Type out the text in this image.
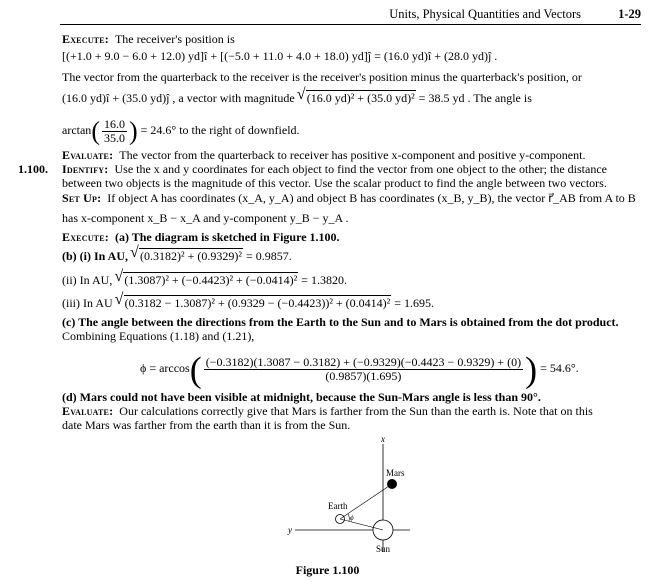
Units, Physical Quantities and Vectors	1-29
Execute: The receiver's position is
[(+1.0 + 9.0 − 6.0 + 12.0) yd]î + [(−5.0 + 11.0 + 4.0 + 18.0) yd]ĵ = (16.0 yd)î + (28.0 yd)ĵ .
The vector from the quarterback to the receiver is the receiver's position minus the quarterback's position, or
(16.0 yd)î + (35.0 yd)ĵ , a vector with magnitude √ (16.0 yd)² + (35.0 yd)² = 38.5 yd . The angle is
$\arctan( \frac{16.0}{35.0}$ ) = 24.6° to the right of downfield.
Evaluate: The vector from the quarterback to receiver has positive x-component and positive y-component.
1.100. Identify: Use the x and y coordinates for each object to find the vector from one object to the other; the distance
between two objects is the magnitude of this vector. Use the scalar product to find the angle between two vectors.
Set Up: If object A has coordinates (x_A, y_A) and object B has coordinates (x_B, y_B), the vector r⃗_AB from A to B
has x-component x_B − x_A and y-component y_B − y_A .
Execute: (a) The diagram is sketched in Figure 1.100.
(b) (i) In AU, √ (0.3182)² + (0.9329)² = 0.9857.
(ii) In AU, √ (1.3087)² + (−0.4423)² + (−0.0414)² = 1.3820.
(iii) In AU √ (0.3182 − 1.3087)² + (0.9329 − (−0.4423))² + (0.0414)² = 1.695.
(c) The angle between the directions from the Earth to the Sun and to Mars is obtained from the dot product.
Combining Equations (1.18) and (1.21),
ϕ = arccos( (−0.3182)(1.3087 − 0.3182) + (−0.9329)(−0.4423 − 0.9329) + (0)
(0.9857)(1.695)	) = 54.6°.
(d) Mars could not have been visible at midnight, because the Sun-Mars angle is less than 90°.
Evaluate: Our calculations correctly give that Mars is farther from the Sun than the earth is. Note that on this
date Mars was farther from the earth than it is from the Sun.
x
y
Sun
Mars
Earth
ϕ
Figure 1.100
